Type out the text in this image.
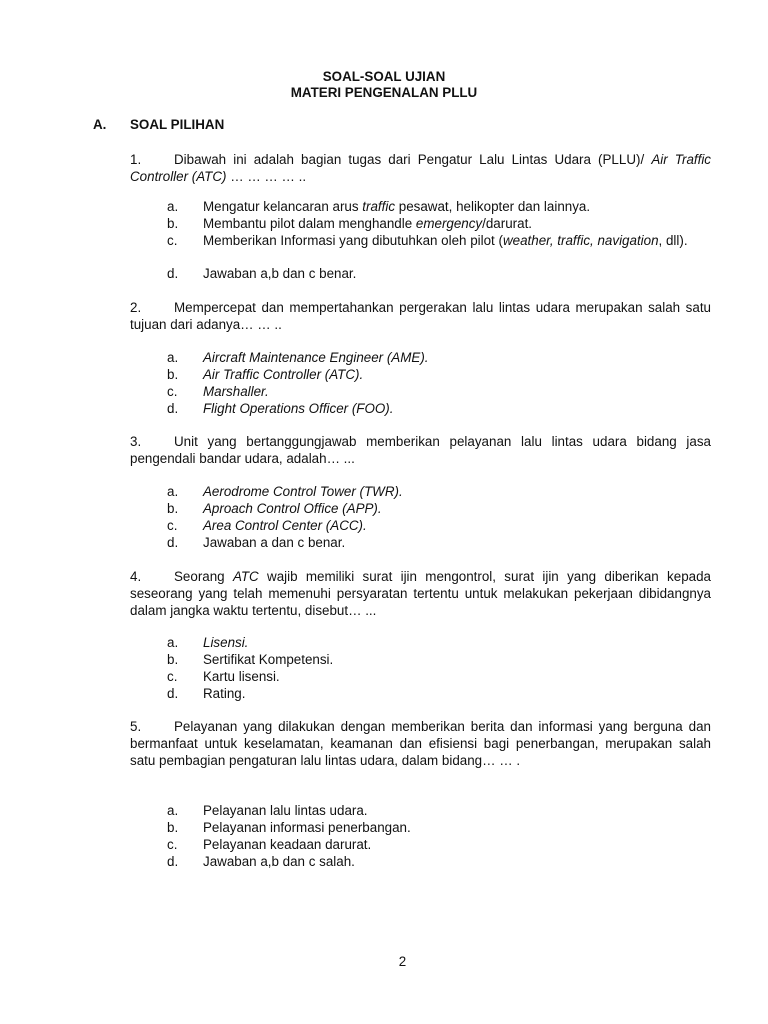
SOAL-SOAL UJIAN
MATERI PENGENALAN PLLU
A. SOAL PILIHAN
1. Dibawah ini adalah bagian tugas dari Pengatur Lalu Lintas Udara (PLLU)/ Air Traffic Controller (ATC) … … … … ..
a. Mengatur kelancaran arus traffic pesawat, helikopter dan lainnya.
b. Membantu pilot dalam menghandle emergency/darurat.
c. Memberikan Informasi yang dibutuhkan oleh pilot (weather, traffic, navigation, dll).
d. Jawaban a,b dan c benar.
2. Mempercepat dan mempertahankan pergerakan lalu lintas udara merupakan salah satu tujuan dari adanya… … ..
a. Aircraft Maintenance Engineer (AME).
b. Air Traffic Controller (ATC).
c. Marshaller.
d. Flight Operations Officer (FOO).
3. Unit yang bertanggungjawab memberikan pelayanan lalu lintas udara bidang jasa pengendali bandar udara, adalah… ...
a. Aerodrome Control Tower (TWR).
b. Aproach Control Office (APP).
c. Area Control Center (ACC).
d. Jawaban a dan c benar.
4. Seorang ATC wajib memiliki surat ijin mengontrol, surat ijin yang diberikan kepada seseorang yang telah memenuhi persyaratan tertentu untuk melakukan pekerjaan dibidangnya dalam jangka waktu tertentu, disebut… ...
a. Lisensi.
b. Sertifikat Kompetensi.
c. Kartu lisensi.
d. Rating.
5. Pelayanan yang dilakukan dengan memberikan berita dan informasi yang berguna dan bermanfaat untuk keselamatan, keamanan dan efisiensi bagi penerbangan, merupakan salah satu pembagian pengaturan lalu lintas udara, dalam bidang… … .
a. Pelayanan lalu lintas udara.
b. Pelayanan informasi penerbangan.
c. Pelayanan keadaan darurat.
d. Jawaban a,b dan c salah.
2
